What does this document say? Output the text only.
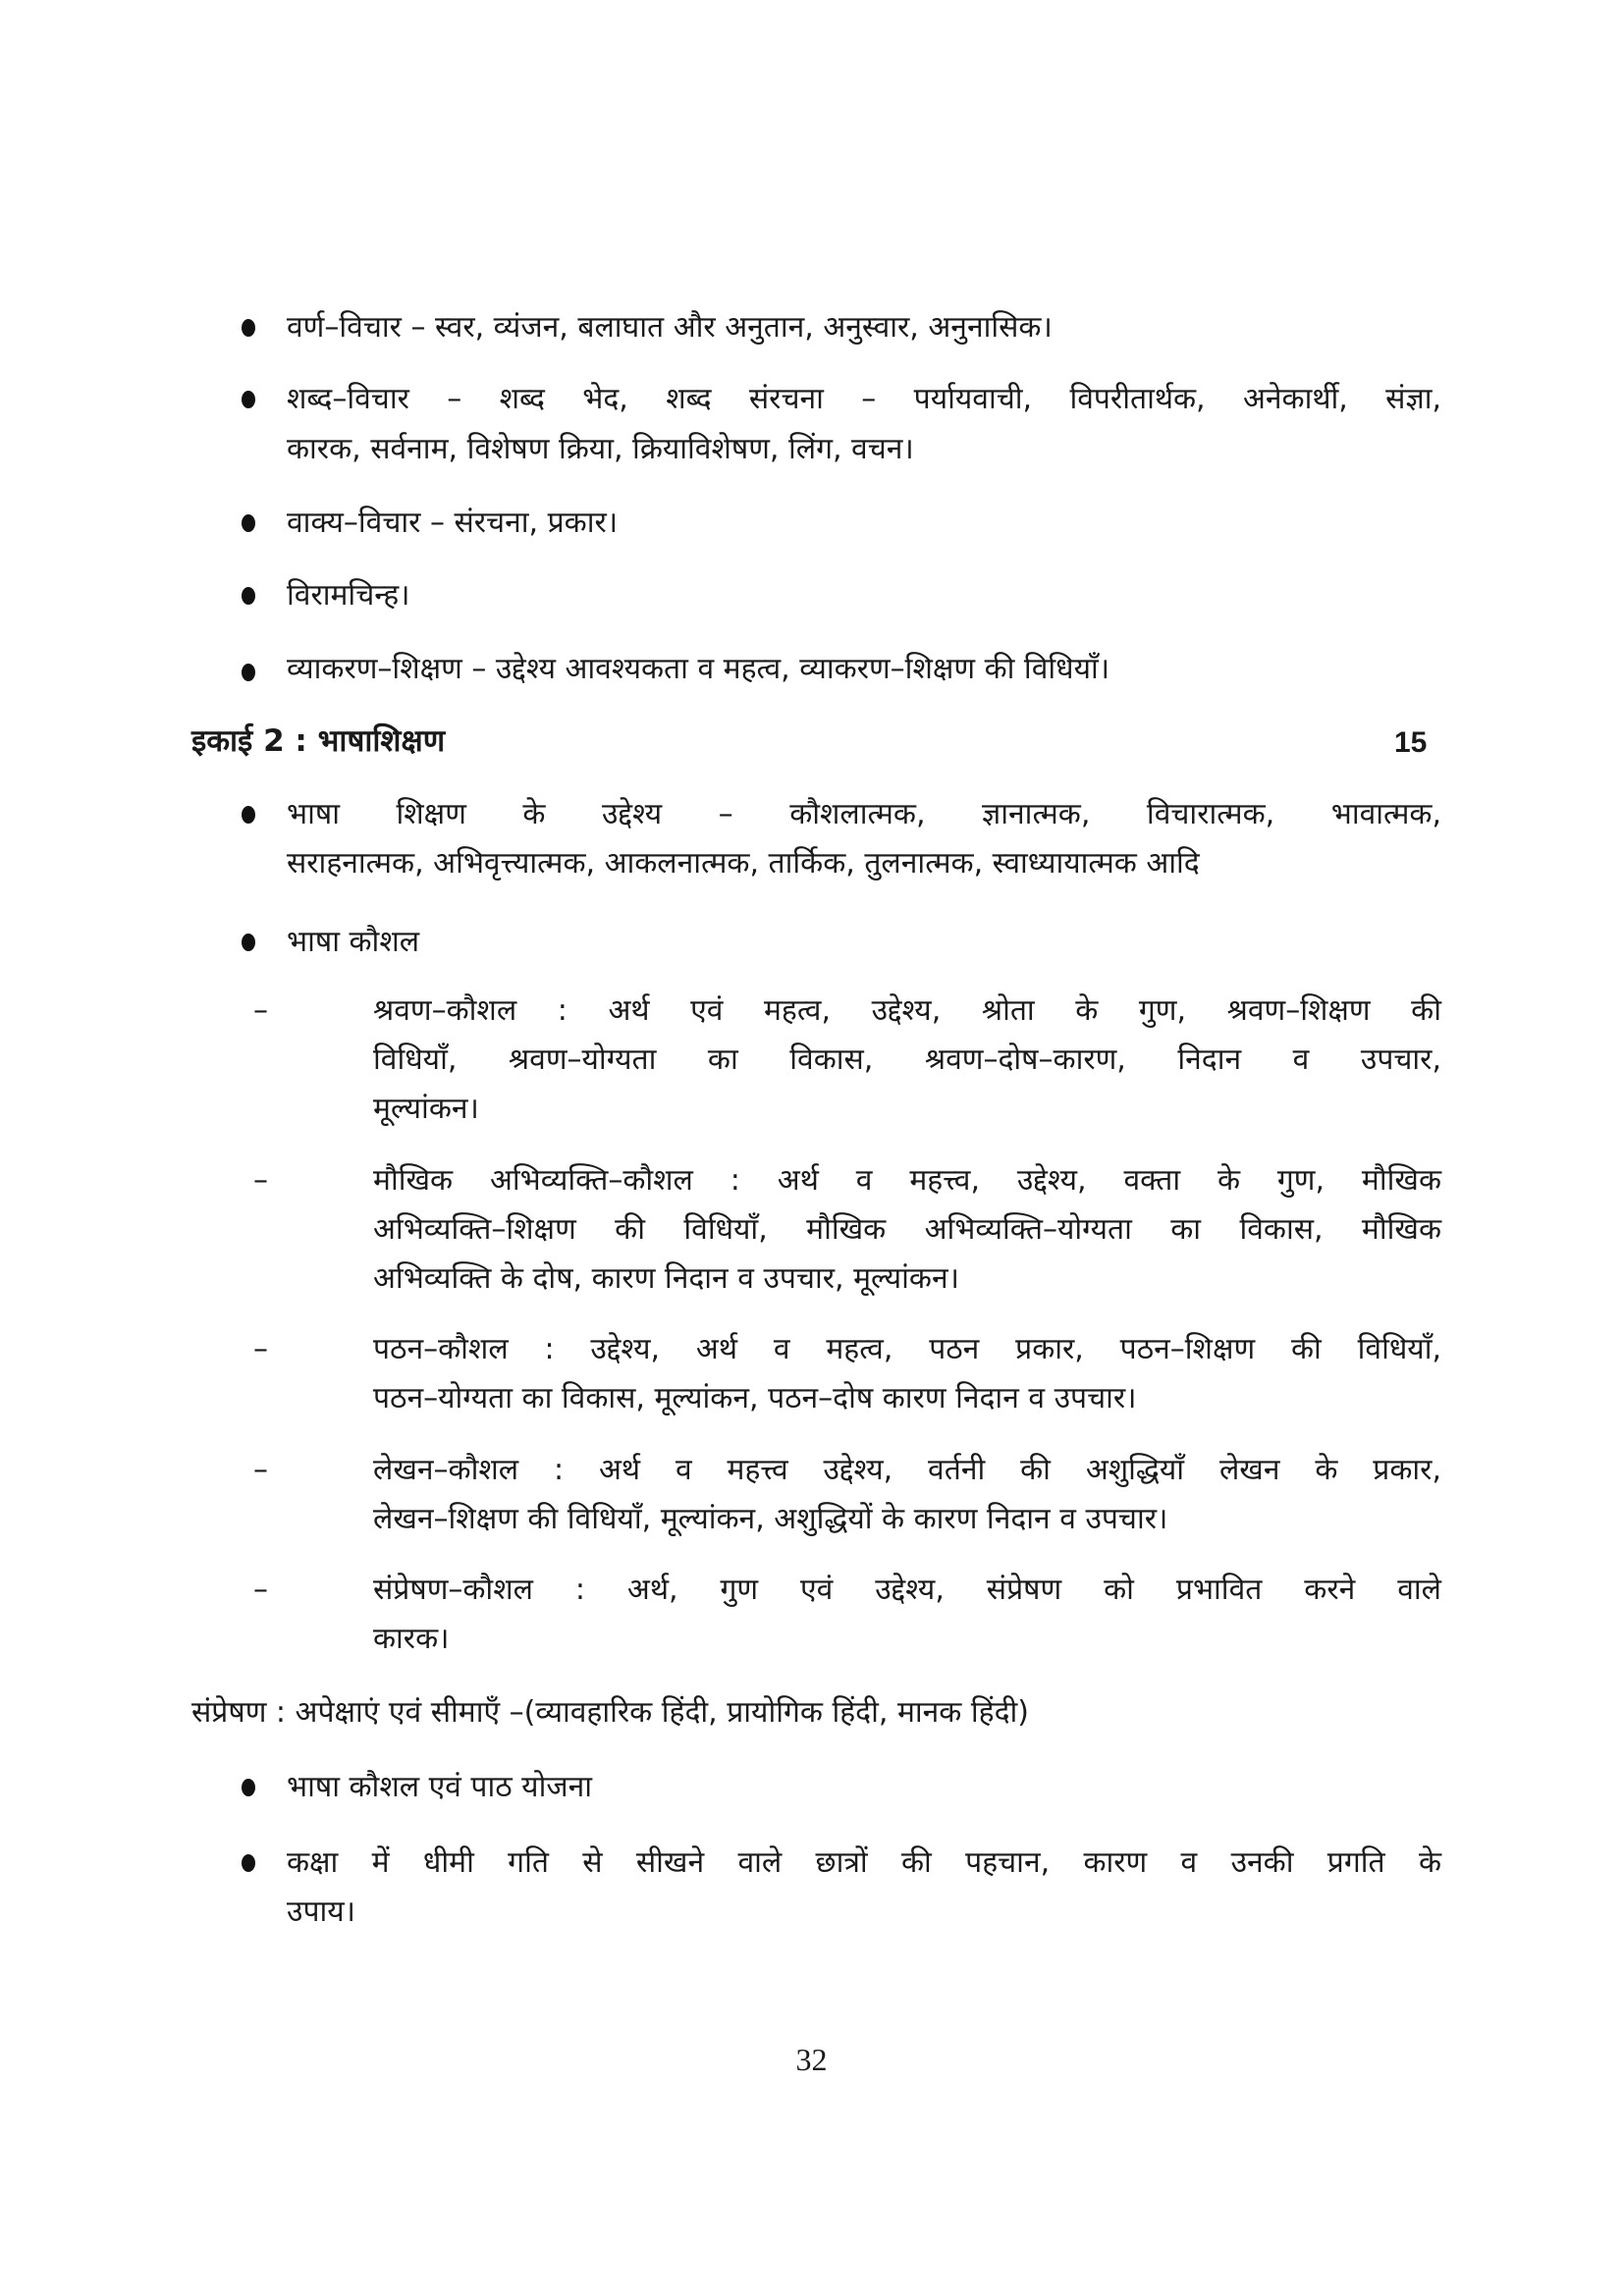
वर्ण–विचार – स्वर, व्यंजन, बलाघात और अनुतान, अनुस्वार, अनुनासिक।
शब्द–विचार – शब्द भेद, शब्द संरचना – पर्यायवाची, विपरीतार्थक, अनेकार्थी, संज्ञा,
कारक, सर्वनाम, विशेषण क्रिया, क्रियाविशेषण, लिंग, वचन।
वाक्य–विचार – संरचना, प्रकार।
विरामचिन्ह।
व्याकरण–शिक्षण – उद्देश्य आवश्यकता व महत्व, व्याकरण–शिक्षण की विधियाँ।
इकाई 2 : भाषाशिक्षण	15
भाषा शिक्षण के उद्देश्य – कौशलात्मक, ज्ञानात्मक, विचारात्मक, भावात्मक,
सराहनात्मक, अभिवृत्त्यात्मक, आकलनात्मक, तार्किक, तुलनात्मक, स्वाध्यायात्मक आदि
भाषा कौशल
–	श्रवण–कौशल : अर्थ एवं महत्व, उद्देश्य, श्रोता के गुण, श्रवण–शिक्षण की
विधियाँ, श्रवण–योग्यता का विकास, श्रवण–दोष–कारण, निदान व उपचार,
मूल्यांकन।
–	मौखिक अभिव्यक्ति–कौशल : अर्थ व महत्त्व, उद्देश्य, वक्ता के गुण, मौखिक
अभिव्यक्ति–शिक्षण की विधियाँ, मौखिक अभिव्यक्ति–योग्यता का विकास, मौखिक
अभिव्यक्ति के दोष, कारण निदान व उपचार, मूल्यांकन।
–	पठन–कौशल : उद्देश्य, अर्थ व महत्व, पठन प्रकार, पठन–शिक्षण की विधियाँ,
पठन–योग्यता का विकास, मूल्यांकन, पठन–दोष कारण निदान व उपचार।
–	लेखन–कौशल : अर्थ व महत्त्व उद्देश्य, वर्तनी की अशुद्धियाँ लेखन के प्रकार,
लेखन–शिक्षण की विधियाँ, मूल्यांकन, अशुद्धियों के कारण निदान व उपचार।
–	संप्रेषण–कौशल : अर्थ, गुण एवं उद्देश्य, संप्रेषण को प्रभावित करने वाले
कारक।
संप्रेषण : अपेक्षाएं एवं सीमाएँ –(व्यावहारिक हिंदी, प्रायोगिक हिंदी, मानक हिंदी)
भाषा कौशल एवं पाठ योजना
कक्षा में धीमी गति से सीखने वाले छात्रों की पहचान, कारण व उनकी प्रगति के
उपाय।
32
